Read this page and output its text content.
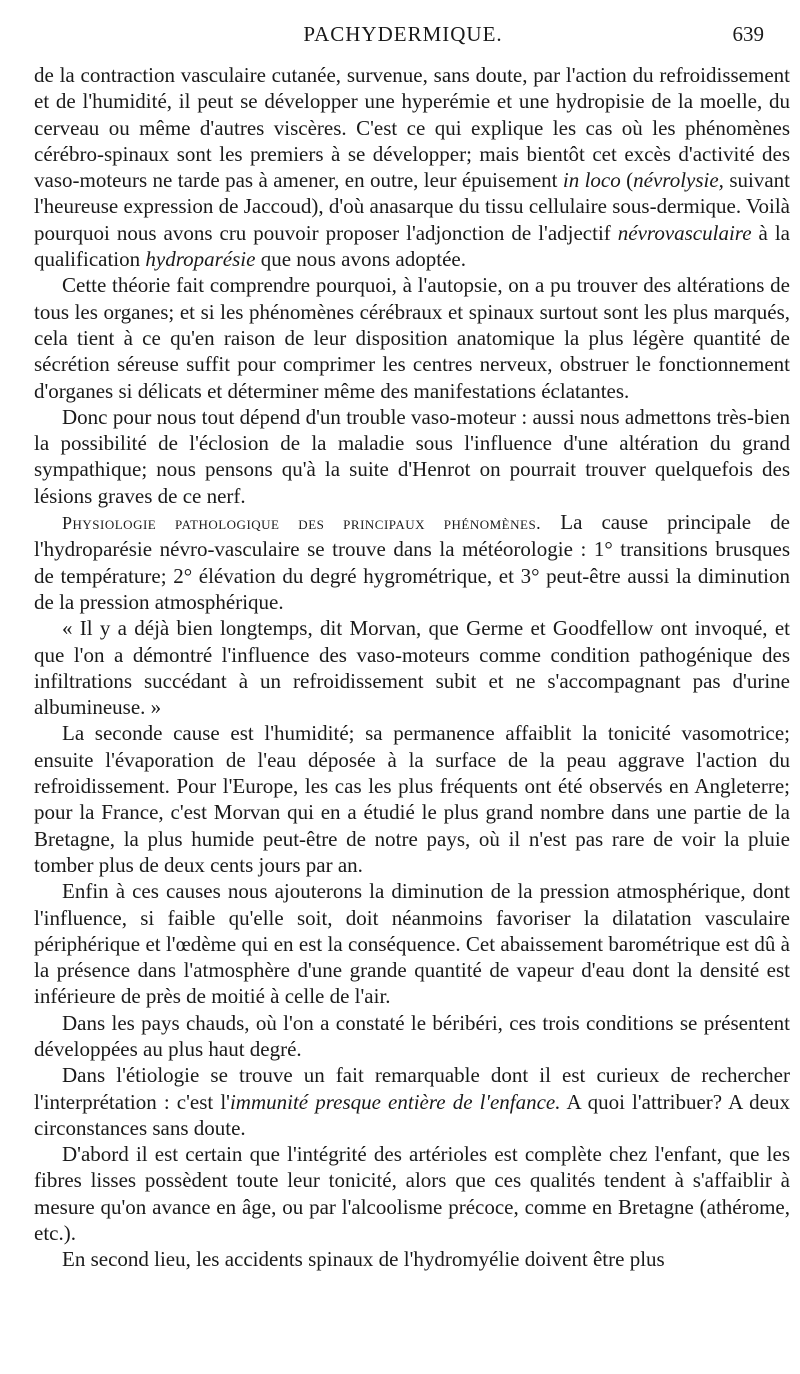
PACHYDERMIQUE.	639

de la contraction vasculaire cutanée, survenue, sans doute, par l'action du refroidissement et de l'humidité, il peut se développer une hyperémie et une hydropisie de la moelle, du cerveau ou même d'autres viscères. C'est ce qui explique les cas où les phénomènes cérébro-spinaux sont les premiers à se développer; mais bientôt cet excès d'activité des vaso-moteurs ne tarde pas à amener, en outre, leur épuisement in loco (névrolysie, suivant l'heureuse expression de Jaccoud), d'où anasarque du tissu cellulaire sous-dermique. Voilà pourquoi nous avons cru pouvoir proposer l'adjonction de l'adjectif névrovasculaire à la qualification hydroparésie que nous avons adoptée.

Cette théorie fait comprendre pourquoi, à l'autopsie, on a pu trouver des altérations de tous les organes; et si les phénomènes cérébraux et spinaux surtout sont les plus marqués, cela tient à ce qu'en raison de leur disposition anatomique la plus légère quantité de sécrétion séreuse suffit pour comprimer les centres nerveux, obstruer le fonctionnement d'organes si délicats et déterminer même des manifestations éclatantes.

Donc pour nous tout dépend d'un trouble vaso-moteur : aussi nous admettons très-bien la possibilité de l'éclosion de la maladie sous l'influence d'une altération du grand sympathique; nous pensons qu'à la suite d'Henrot on pourrait trouver quelquefois des lésions graves de ce nerf.

Physiologie pathologique des principaux phénomènes. La cause principale de l'hydroparésie névro-vasculaire se trouve dans la météorologie : 1° transitions brusques de température; 2° élévation du degré hygrométrique, et 3° peut-être aussi la diminution de la pression atmosphérique.

« Il y a déjà bien longtemps, dit Morvan, que Germe et Goodfellow ont invoqué, et que l'on a démontré l'influence des vaso-moteurs comme condition pathogénique des infiltrations succédant à un refroidissement subit et ne s'accompagnant pas d'urine albumineuse. »

La seconde cause est l'humidité; sa permanence affaiblit la tonicité vasomotrice; ensuite l'évaporation de l'eau déposée à la surface de la peau aggrave l'action du refroidissement. Pour l'Europe, les cas les plus fréquents ont été observés en Angleterre; pour la France, c'est Morvan qui en a étudié le plus grand nombre dans une partie de la Bretagne, la plus humide peut-être de notre pays, où il n'est pas rare de voir la pluie tomber plus de deux cents jours par an.

Enfin à ces causes nous ajouterons la diminution de la pression atmosphérique, dont l'influence, si faible qu'elle soit, doit néanmoins favoriser la dilatation vasculaire périphérique et l'œdème qui en est la conséquence. Cet abaissement barométrique est dû à la présence dans l'atmosphère d'une grande quantité de vapeur d'eau dont la densité est inférieure de près de moitié à celle de l'air.

Dans les pays chauds, où l'on a constaté le béribéri, ces trois conditions se présentent développées au plus haut degré.

Dans l'étiologie se trouve un fait remarquable dont il est curieux de rechercher l'interprétation : c'est l'immunité presque entière de l'enfance. A quoi l'attribuer? A deux circonstances sans doute.

D'abord il est certain que l'intégrité des artérioles est complète chez l'enfant, que les fibres lisses possèdent toute leur tonicité, alors que ces qualités tendent à s'affaiblir à mesure qu'on avance en âge, ou par l'alcoolisme précoce, comme en Bretagne (athérome, etc.).

En second lieu, les accidents spinaux de l'hydromyélie doivent être plus
